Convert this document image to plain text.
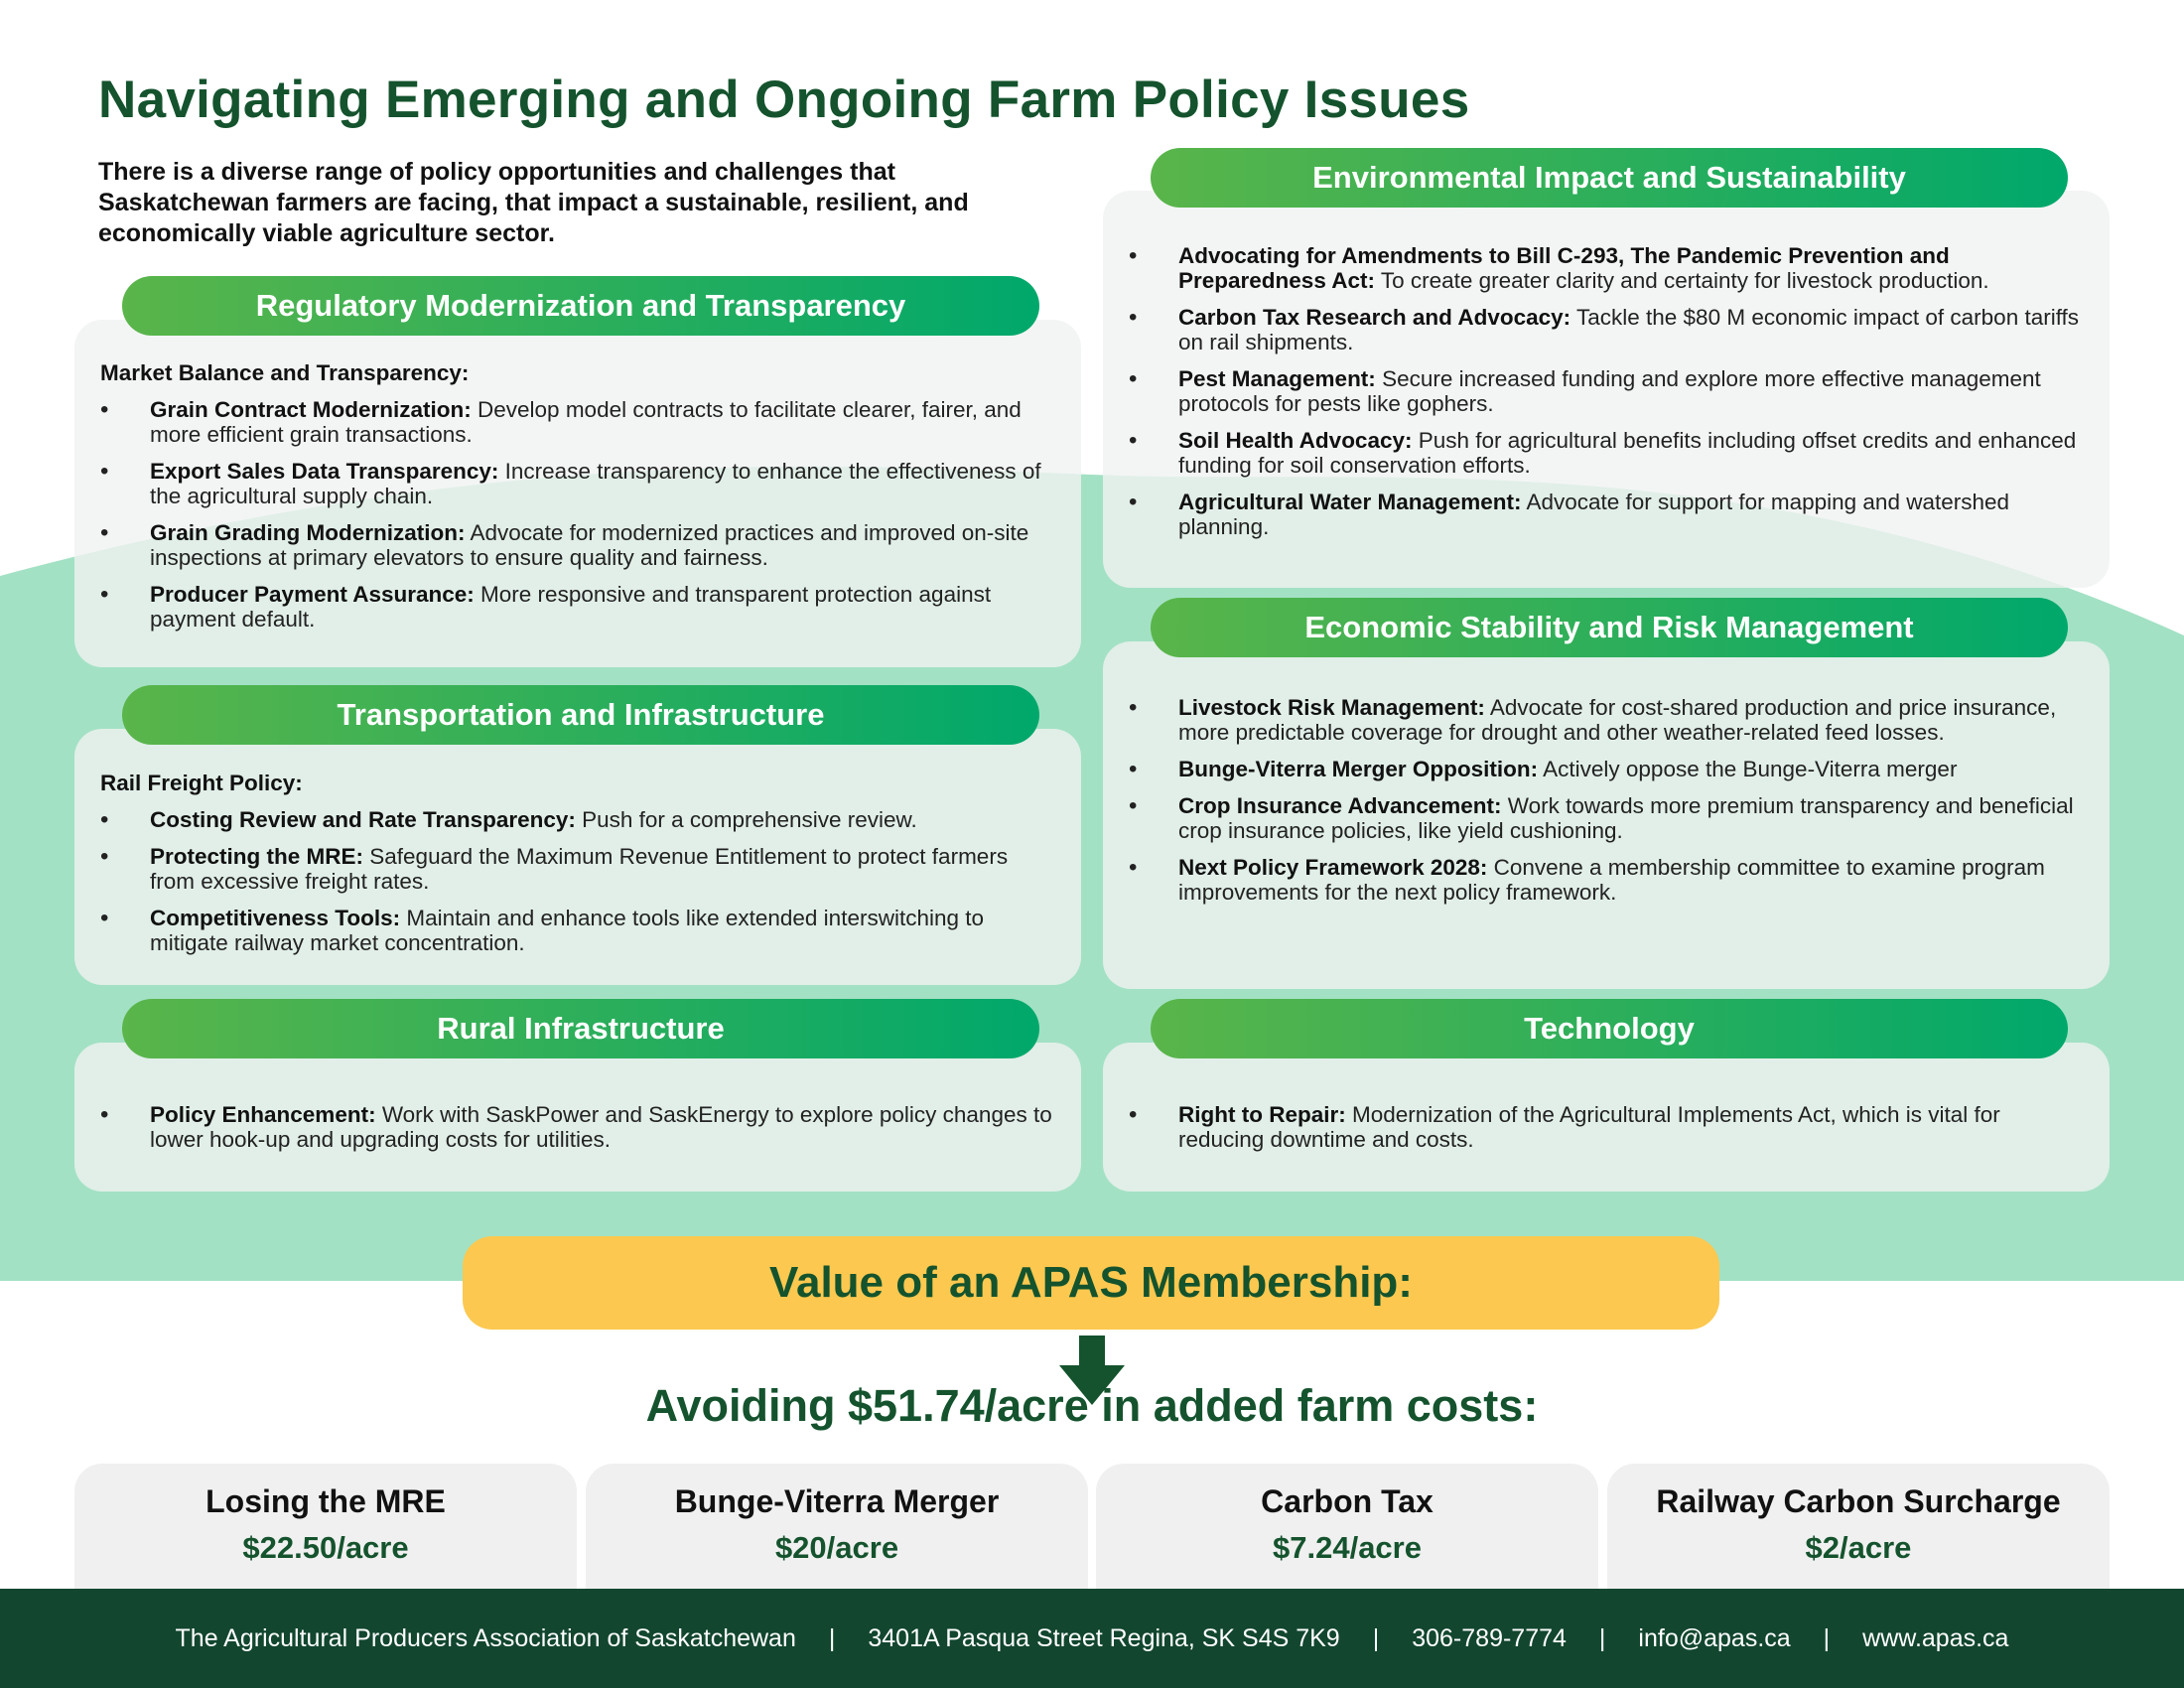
Navigating Emerging and Ongoing Farm Policy Issues

There is a diverse range of policy opportunities and challenges that Saskatchewan farmers are facing, that impact a sustainable, resilient, and economically viable agriculture sector.

Regulatory Modernization and Transparency
Market Balance and Transparency:
• Grain Contract Modernization: Develop model contracts to facilitate clearer, fairer, and more efficient grain transactions.
• Export Sales Data Transparency: Increase transparency to enhance the effectiveness of the agricultural supply chain.
• Grain Grading Modernization: Advocate for modernized practices and improved on-site inspections at primary elevators to ensure quality and fairness.
• Producer Payment Assurance: More responsive and transparent protection against payment default.
Transportation and Infrastructure
Rail Freight Policy:
• Costing Review and Rate Transparency: Push for a comprehensive review.
• Protecting the MRE: Safeguard the Maximum Revenue Entitlement to protect farmers from excessive freight rates.
• Competitiveness Tools: Maintain and enhance tools like extended interswitching to mitigate railway market concentration.
Rural Infrastructure
• Policy Enhancement: Work with SaskPower and SaskEnergy to explore policy changes to lower hook-up and upgrading costs for utilities.
Environmental Impact and Sustainability
• Advocating for Amendments to Bill C-293, The Pandemic Prevention and Preparedness Act: To create greater clarity and certainty for livestock production.
• Carbon Tax Research and Advocacy: Tackle the $80 M economic impact of carbon tariffs on rail shipments.
• Pest Management: Secure increased funding and explore more effective management protocols for pests like gophers.
• Soil Health Advocacy: Push for agricultural benefits including offset credits and enhanced funding for soil conservation efforts.
• Agricultural Water Management: Advocate for support for mapping and watershed planning.
Economic Stability and Risk Management
• Livestock Risk Management: Advocate for cost-shared production and price insurance, more predictable coverage for drought and other weather-related feed losses.
• Bunge-Viterra Merger Opposition: Actively oppose the Bunge-Viterra merger
• Crop Insurance Advancement: Work towards more premium transparency and beneficial crop insurance policies, like yield cushioning.
• Next Policy Framework 2028: Convene a membership committee to examine program improvements for the next policy framework.
Technology
• Right to Repair: Modernization of the Agricultural Implements Act, which is vital for reducing downtime and costs.
Value of an APAS Membership:
Avoiding $51.74/acre in added farm costs:
Losing the MRE
$22.50/acre
Bunge-Viterra Merger
$20/acre
Carbon Tax
$7.24/acre
Railway Carbon Surcharge
$2/acre
The Agricultural Producers Association of Saskatchewan | 3401A Pasqua Street Regina, SK S4S 7K9 | 306-789-7774 | info@apas.ca | www.apas.ca
